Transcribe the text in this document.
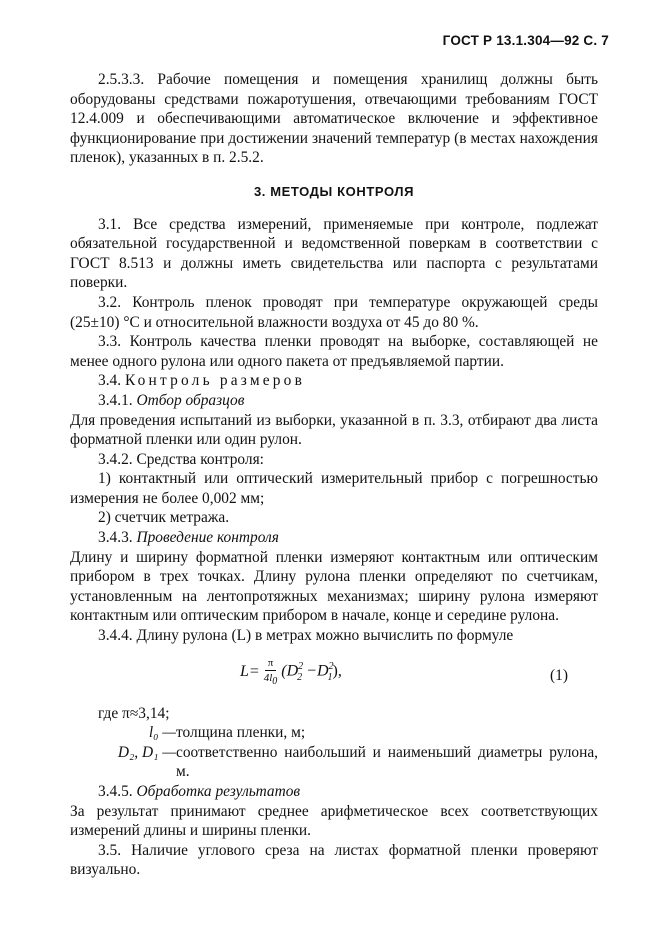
ГОСТ Р 13.1.304—92 С. 7

2.5.3.3. Рабочие помещения и помещения хранилищ должны быть оборудованы средствами пожаротушения, отвечающими требованиям ГОСТ 12.4.009 и обеспечивающими автоматическое включение и эффективное функционирование при достижении значений температур (в местах нахождения пленок), указанных в п. 2.5.2.

3. МЕТОДЫ КОНТРОЛЯ

3.1. Все средства измерений, применяемые при контроле, подлежат обязательной государственной и ведомственной поверкам в соответствии с ГОСТ 8.513 и должны иметь свидетельства или паспорта с результатами поверки.

3.2. Контроль пленок проводят при температуре окружающей среды (25±10) °С и относительной влажности воздуха от 45 до 80 %.

3.3. Контроль качества пленки проводят на выборке, составляющей не менее одного рулона или одного пакета от предъявляемой партии.

3.4. Контроль размеров

3.4.1. Отбор образцов

Для проведения испытаний из выборки, указанной в п. 3.3, отбирают два листа форматной пленки или один рулон.

3.4.2. Средства контроля:

1) контактный или оптический измерительный прибор с погрешностью измерения не более 0,002 мм;

2) счетчик метража.

3.4.3. Проведение контроля

Длину и ширину форматной пленки измеряют контактным или оптическим прибором в трех точках. Длину рулона пленки определяют по счетчикам, установленным на лентопротяжных механизмах; ширину рулона измеряют контактным или оптическим прибором в начале, конце и середине рулона.

3.4.4. Длину рулона (L) в метрах можно вычислить по формуле

$L= \frac{\pi}{4l_0} (D^2_2 -D^2_1)$,	(1)

где π≈3,14;

l₀ — толщина пленки, м;
D₂, D₁ — соответственно наибольший и наименьший диаметры рулона, м.

3.4.5. Обработка результатов

За результат принимают среднее арифметическое всех соответствующих измерений длины и ширины пленки.

3.5. Наличие углового среза на листах форматной пленки проверяют визуально.
